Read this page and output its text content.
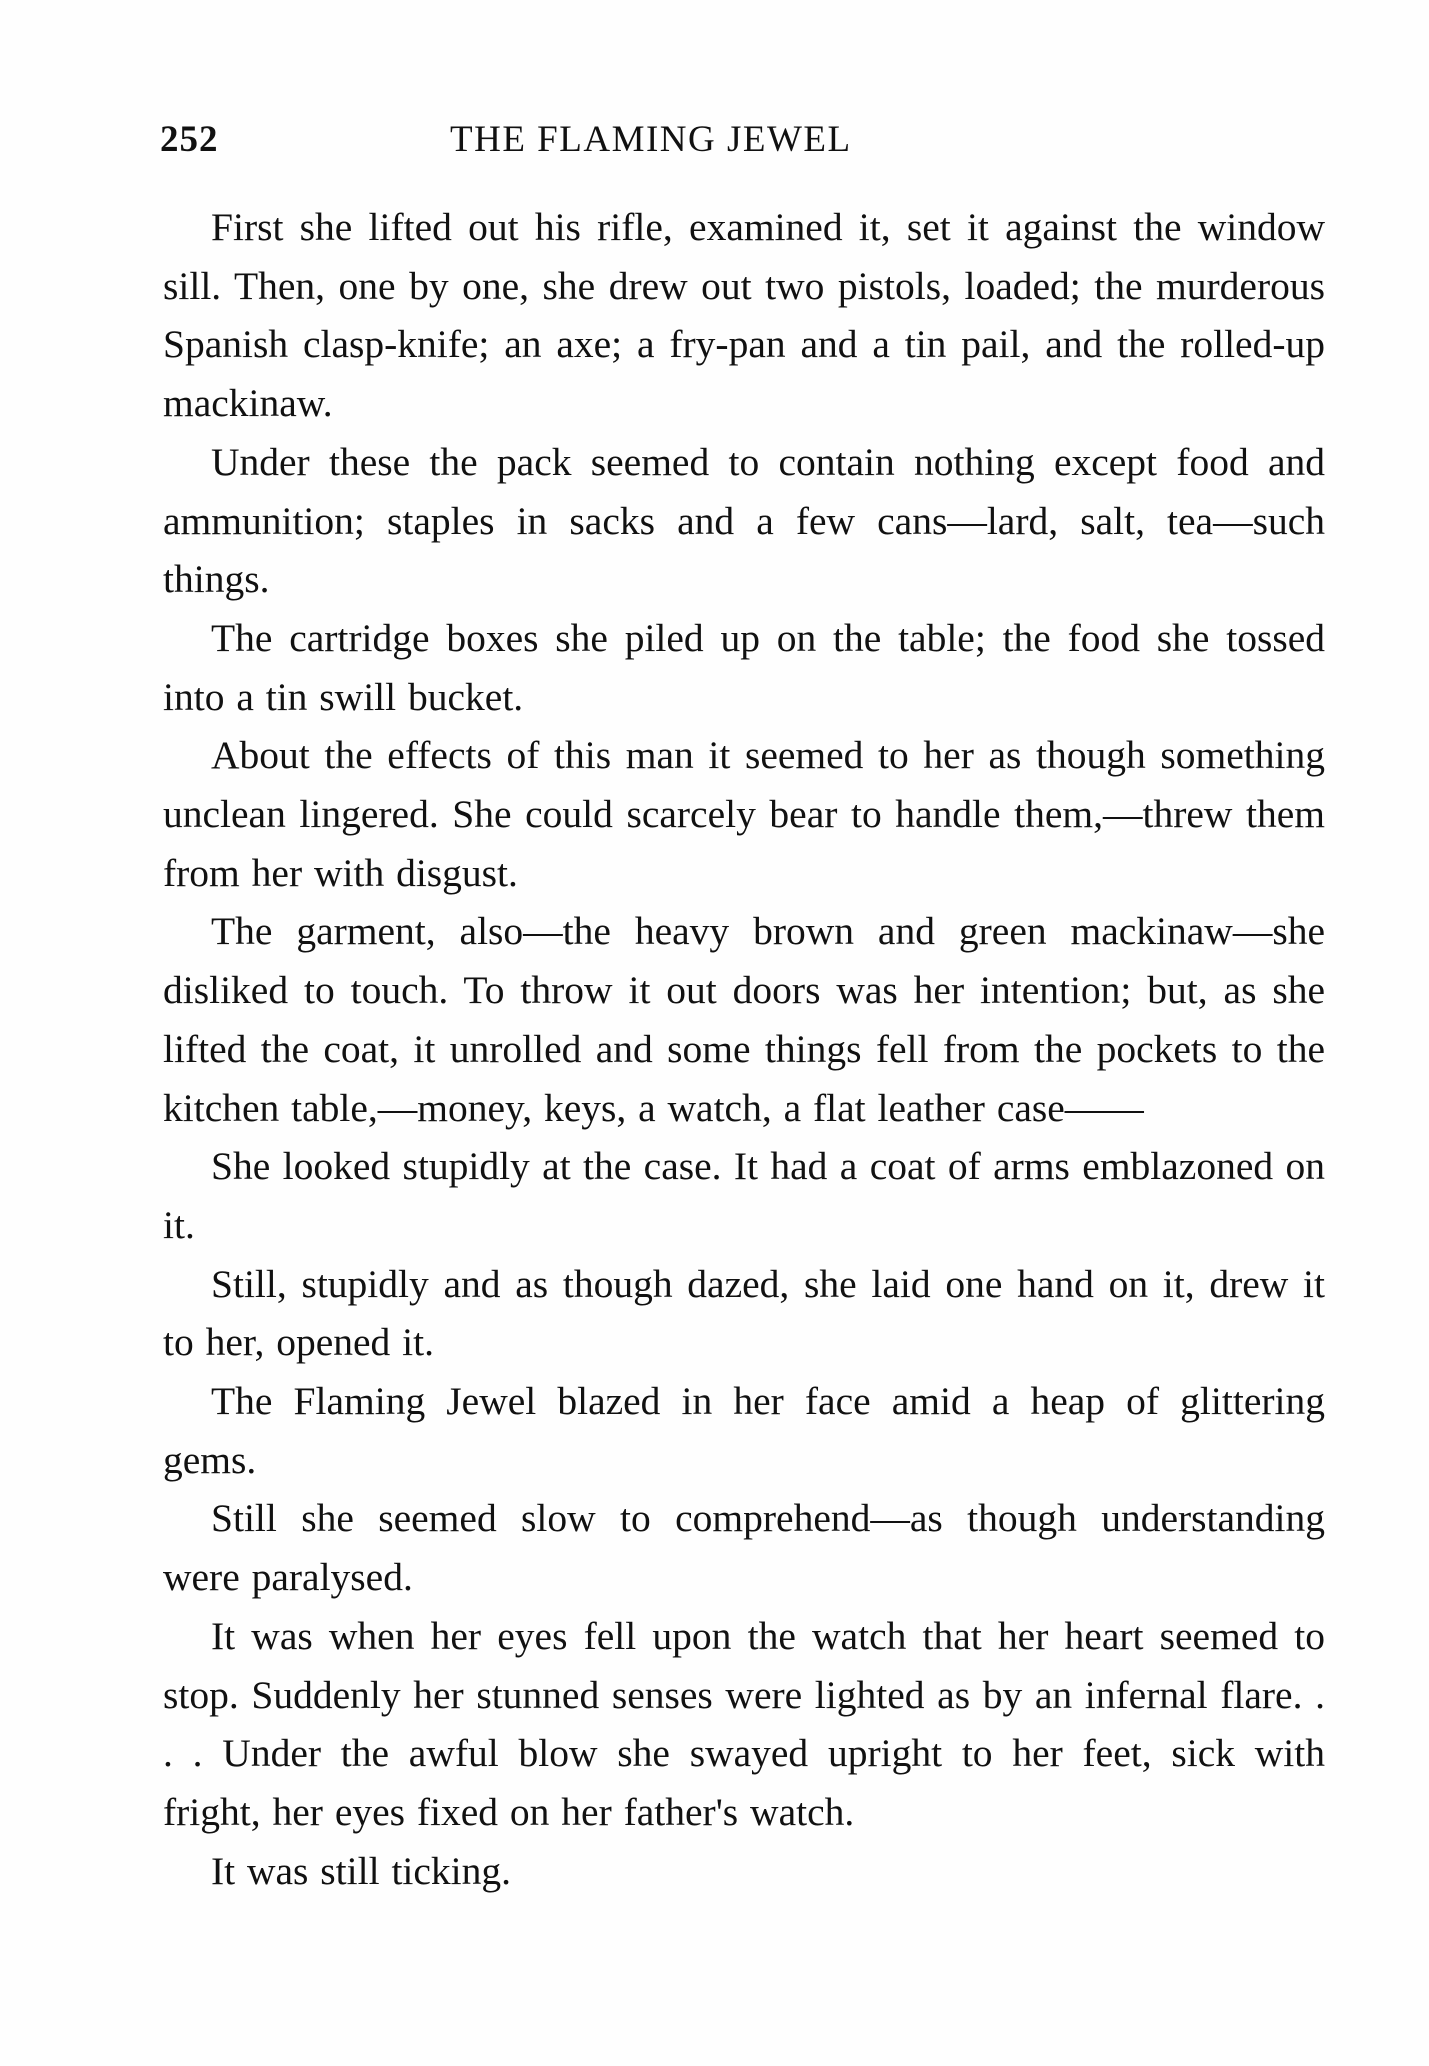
252	THE FLAMING JEWEL

First she lifted out his rifle, examined it, set it against the window sill. Then, one by one, she drew out two pistols, loaded; the murderous Spanish clasp-knife; an axe; a fry-pan and a tin pail, and the rolled-up mackinaw.

Under these the pack seemed to contain nothing except food and ammunition; staples in sacks and a few cans—lard, salt, tea—such things.

The cartridge boxes she piled up on the table; the food she tossed into a tin swill bucket.

About the effects of this man it seemed to her as though something unclean lingered. She could scarcely bear to handle them,—threw them from her with disgust.

The garment, also—the heavy brown and green mackinaw—she disliked to touch. To throw it out doors was her intention; but, as she lifted the coat, it unrolled and some things fell from the pockets to the kitchen table,—money, keys, a watch, a flat leather case——

She looked stupidly at the case. It had a coat of arms emblazoned on it.

Still, stupidly and as though dazed, she laid one hand on it, drew it to her, opened it.

The Flaming Jewel blazed in her face amid a heap of glittering gems.

Still she seemed slow to comprehend—as though understanding were paralysed.

It was when her eyes fell upon the watch that her heart seemed to stop. Suddenly her stunned senses were lighted as by an infernal flare. . . . Under the awful blow she swayed upright to her feet, sick with fright, her eyes fixed on her father's watch.

It was still ticking.
